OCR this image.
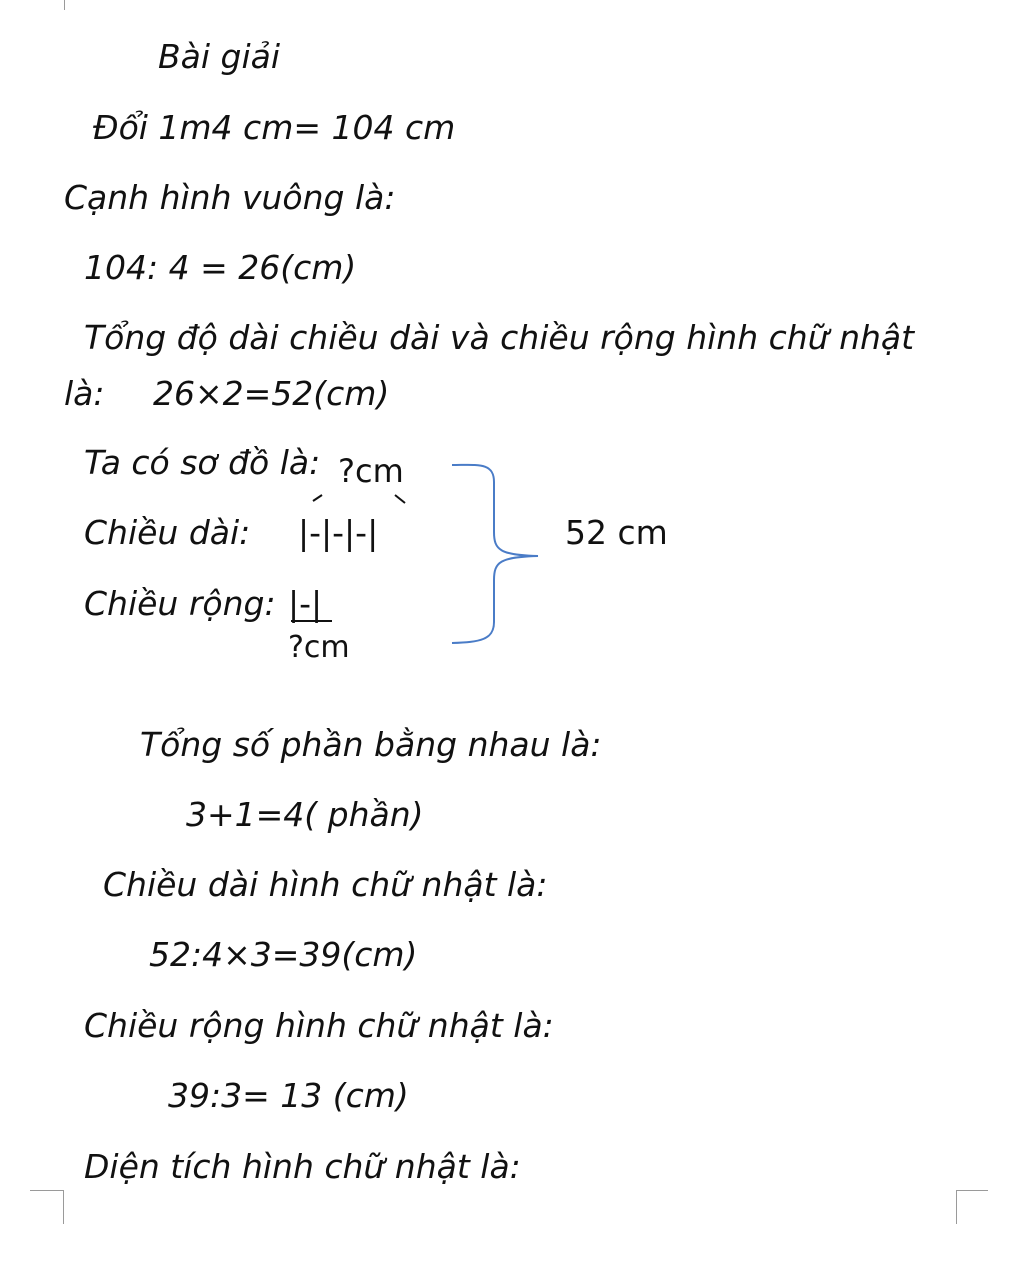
Bài giải
Đổi 1m4 cm= 104 cm
Cạnh hình vuông là:
104: 4 = 26(cm)
Tổng độ dài chiều dài và chiều rộng hình chữ nhật
là: 26×2=52(cm)
Ta có sơ đồ là:
Chiều dài: |-|-|-|
Chiều rộng: |-|
52 cm
?cm
?cm
Tổng số phần bằng nhau là:
3+1=4( phần)
Chiều dài hình chữ nhật là:
52:4×3=39(cm)
Chiều rộng hình chữ nhật là:
39:3= 13 (cm)
Diện tích hình chữ nhật là:
